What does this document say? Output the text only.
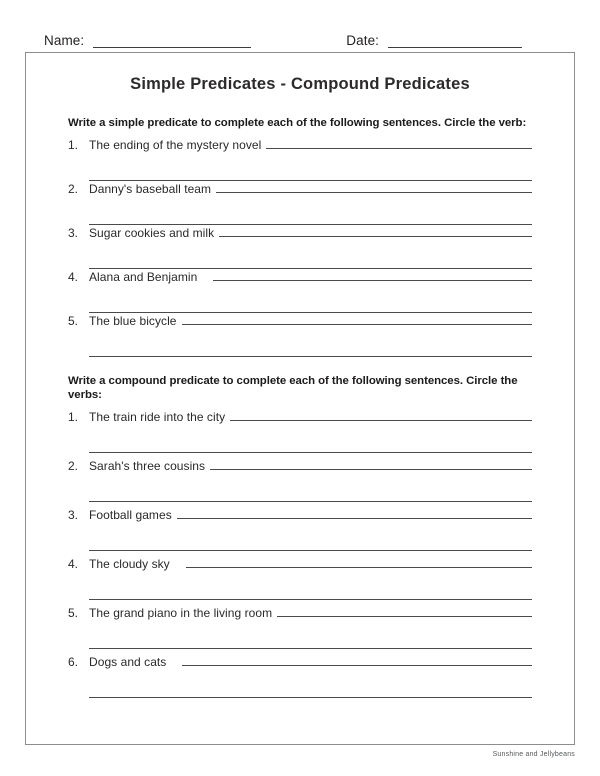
Name:	Date:
Simple Predicates - Compound Predicates

Write a simple predicate to complete each of the following sentences. Circle the verb:

1. The ending of the mystery novel
2. Danny's baseball team
3. Sugar cookies and milk
4. Alana and Benjamin
5. The blue bicycle

Write a compound predicate to complete each of the following sentences. Circle the verbs:

1. The train ride into the city
2. Sarah's three cousins
3. Football games
4. The cloudy sky
5. The grand piano in the living room
6. Dogs and cats
Sunshine and Jellybeans
